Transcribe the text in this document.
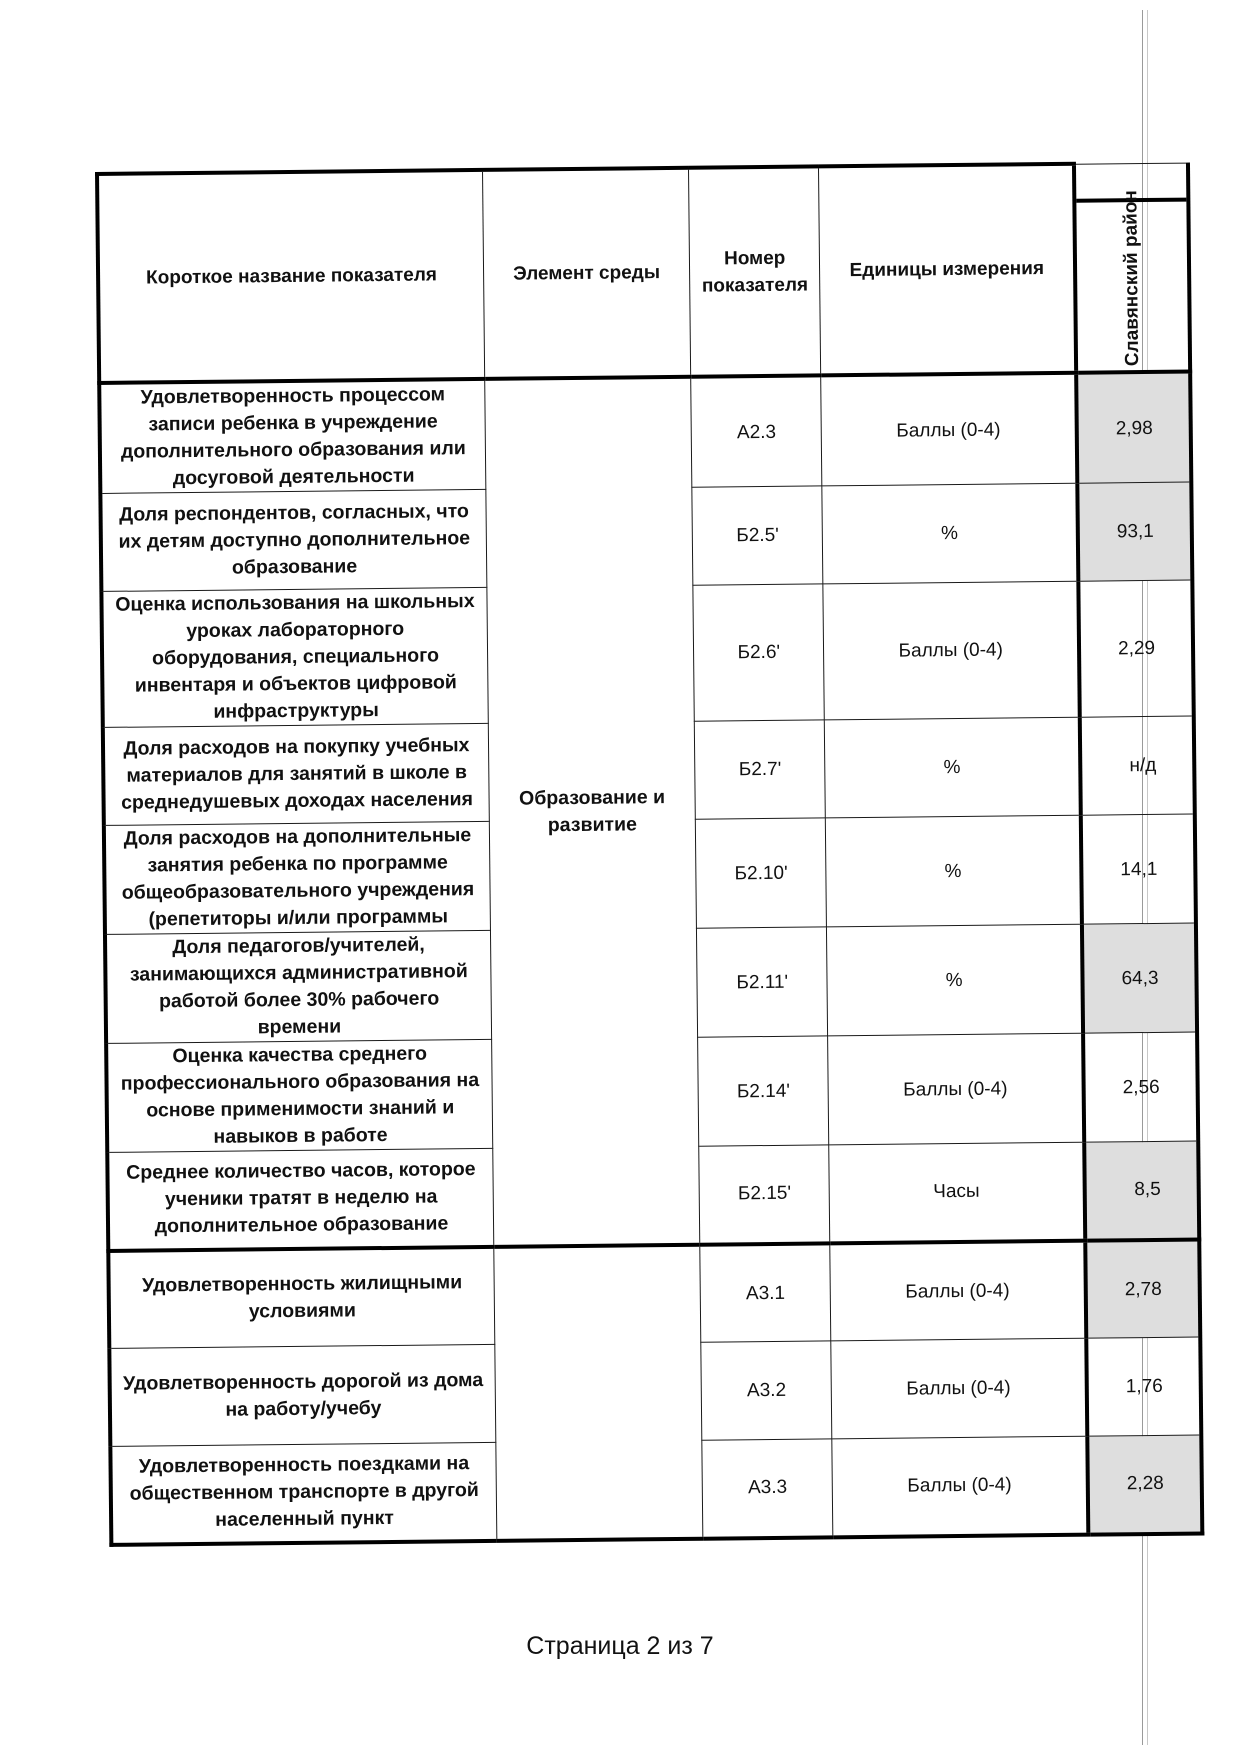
Короткое название показателя	Элемент среды	Номер показателя	Единицы измерения	Славянский район

Удовлетворенность процессом записи ребенка в учреждение дополнительного образования или досуговой деятельности	Образование и развитие	А2.3	Баллы (0-4)	2,98
Доля респондентов, согласных, что их детям доступно дополнительное образование		Б2.5'	%	93,1
Оценка использования на школьных уроках лабораторного оборудования, специального инвентаря и объектов цифровой инфраструктуры		Б2.6'	Баллы (0-4)	2,29
Доля расходов на покупку учебных материалов для занятий в школе в среднедушевых доходах населения		Б2.7'	%	н/д
Доля расходов на дополнительные занятия ребенка по программе общеобразовательного учреждения (репетиторы и/или программы		Б2.10'	%	14,1
Доля педагогов/учителей, занимающихся административной работой более 30% рабочего времени		Б2.11'	%	64,3
Оценка качества среднего профессионального образования на основе применимости знаний и навыков в работе		Б2.14'	Баллы (0-4)	2,56
Среднее количество часов, которое ученики тратят в неделю на дополнительное образование		Б2.15'	Часы	8,5
Удовлетворенность жилищными условиями		А3.1	Баллы (0-4)	2,78
Удовлетворенность дорогой из дома на работу/учебу		А3.2	Баллы (0-4)	1,76
Удовлетворенность поездками на общественном транспорте в другой населенный пункт		А3.3	Баллы (0-4)	2,28
Страница 2 из 7
